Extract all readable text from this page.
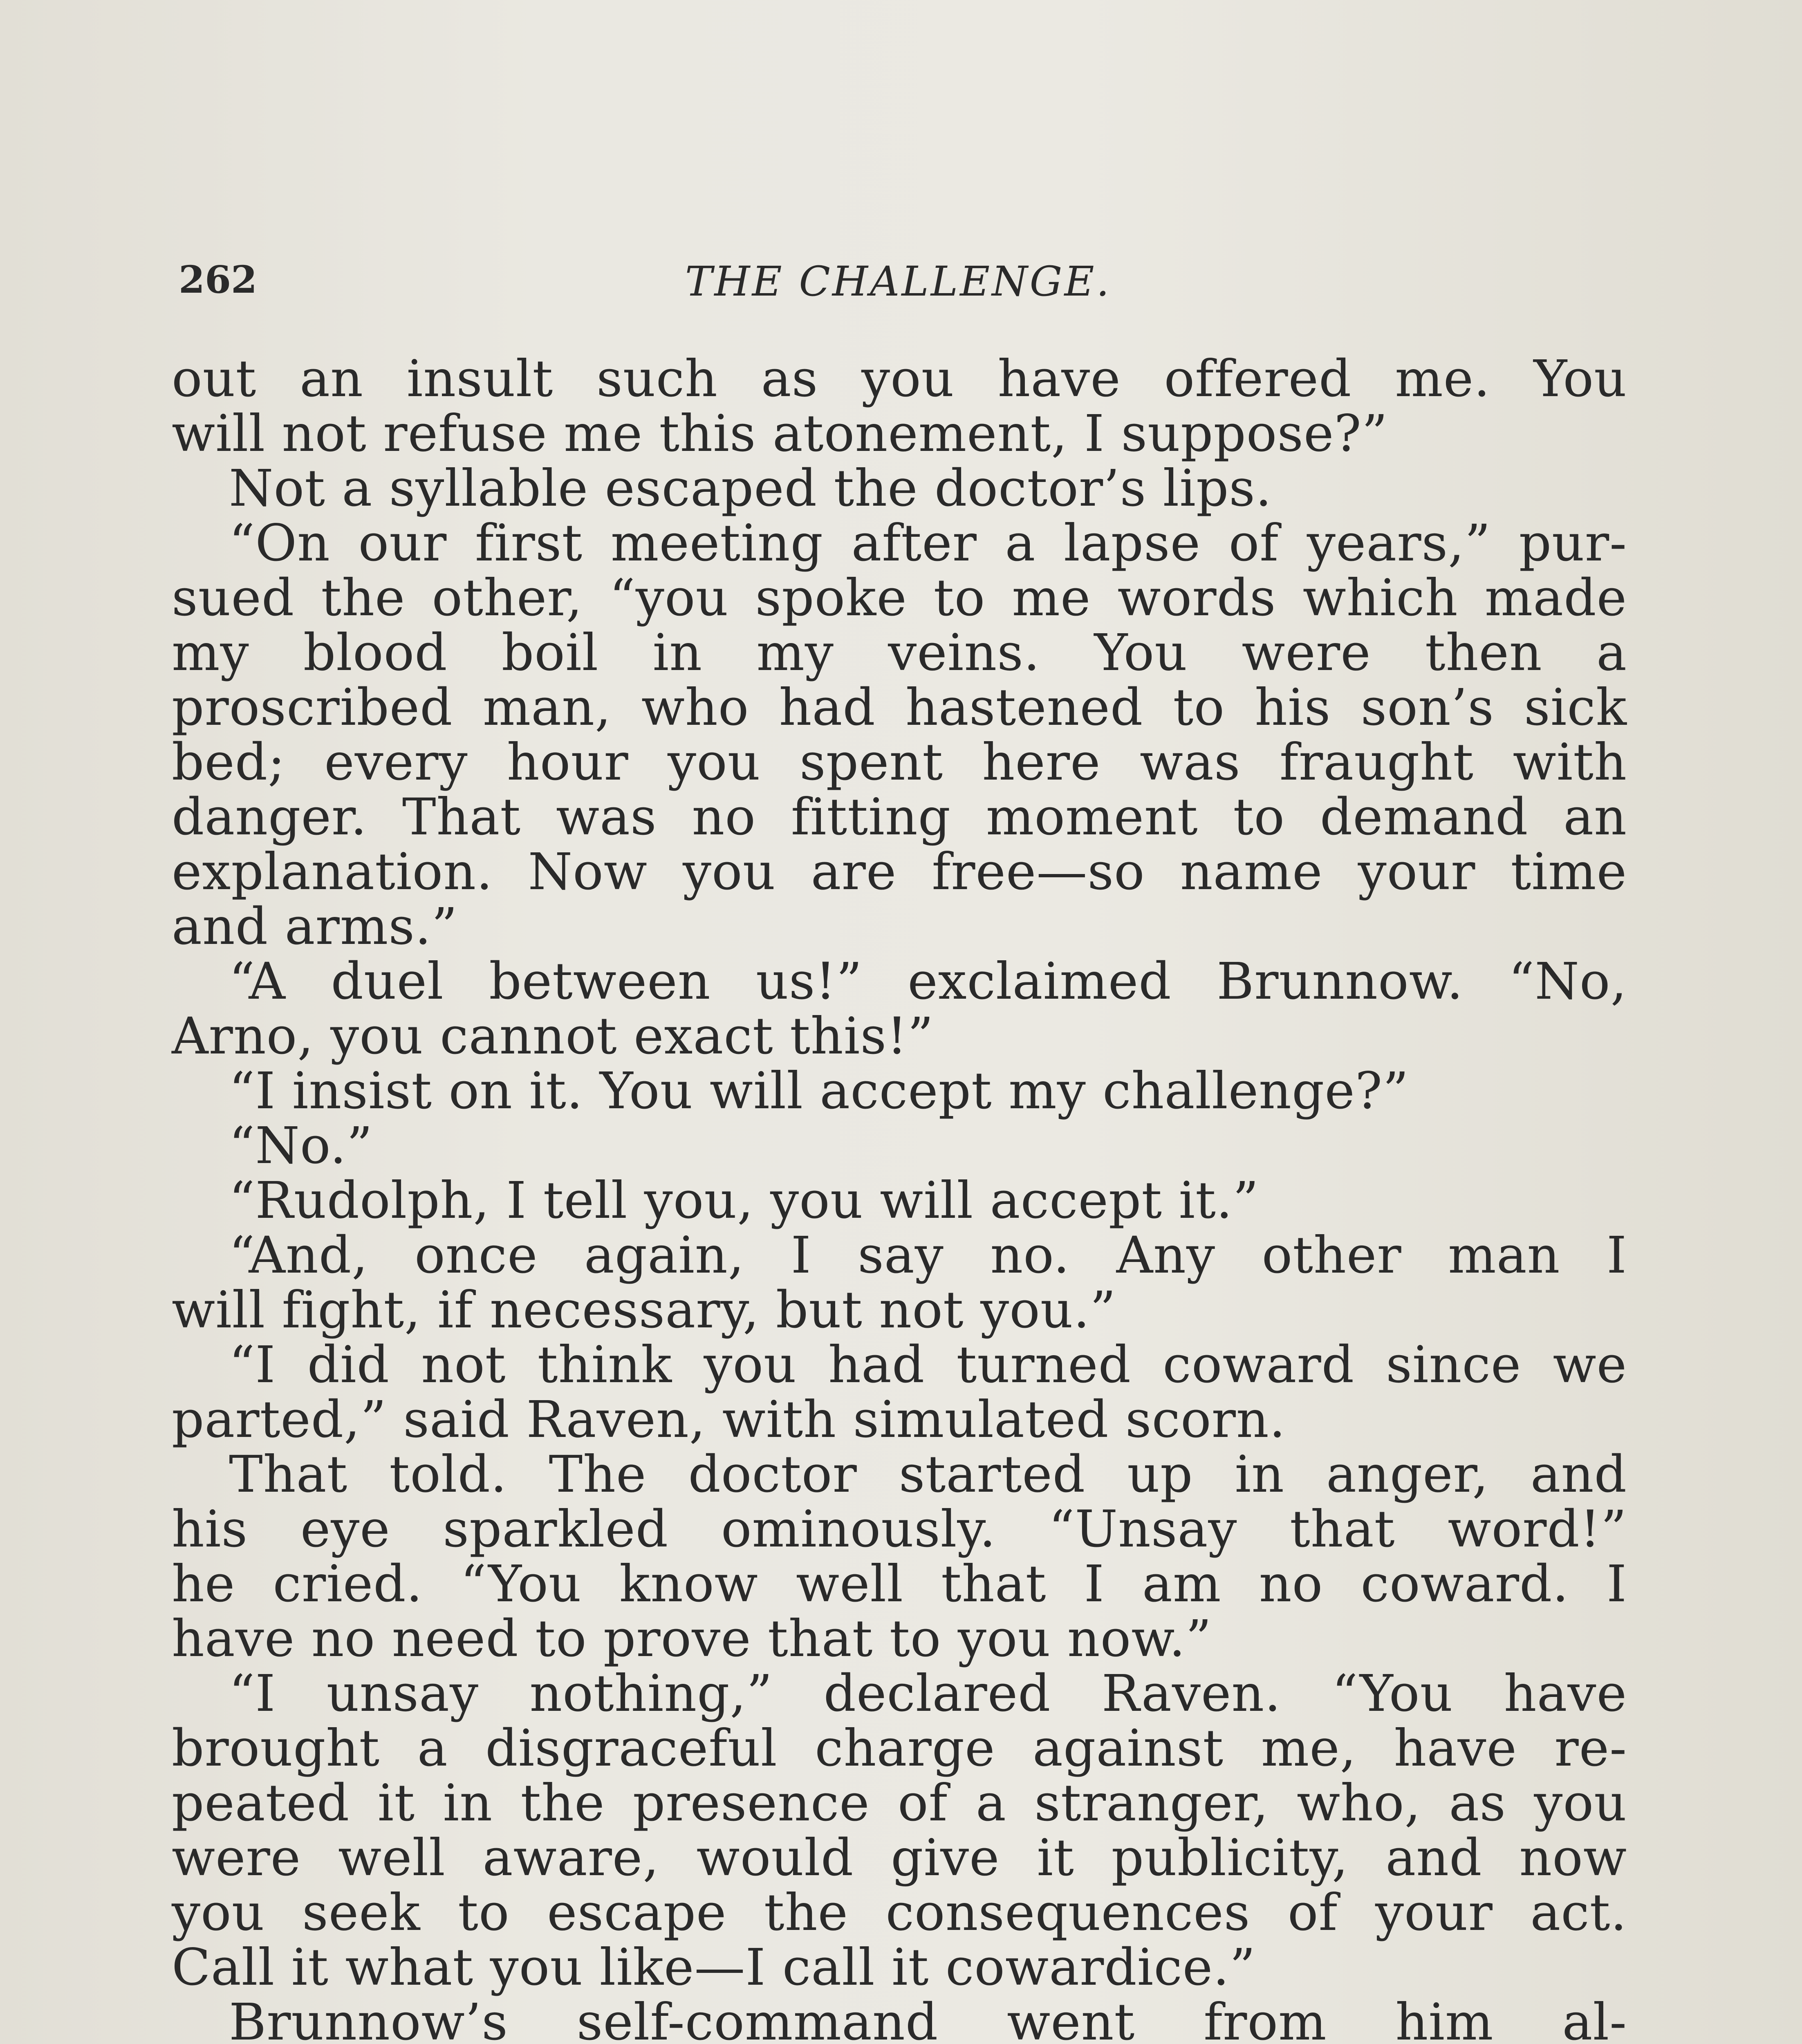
262	THE CHALLENGE.
out an insult such as you have offered me. You
will not refuse me this atonement, I suppose?”
Not a syllable escaped the doctor’s lips.
“On our first meeting after a lapse of years,” pur-
sued the other, “you spoke to me words which made
my blood boil in my veins. You were then a
proscribed man, who had hastened to his son’s sick
bed; every hour you spent here was fraught with
danger. That was no fitting moment to demand an
explanation. Now you are free—so name your time
and arms.”
“A duel between us!” exclaimed Brunnow. “No,
Arno, you cannot exact this!”
“I insist on it. You will accept my challenge?”
“No.”
“Rudolph, I tell you, you will accept it.”
“And, once again, I say no. Any other man I
will fight, if necessary, but not you.”
“I did not think you had turned coward since we
parted,” said Raven, with simulated scorn.
That told. The doctor started up in anger, and
his eye sparkled ominously. “Unsay that word!”
he cried. “You know well that I am no coward. I
have no need to prove that to you now.”
“I unsay nothing,” declared Raven. “You have
brought a disgraceful charge against me, have re-
peated it in the presence of a stranger, who, as you
were well aware, would give it publicity, and now
you seek to escape the consequences of your act.
Call it what you like—I call it cowardice.”
Brunnow’s self-command went from him al-
